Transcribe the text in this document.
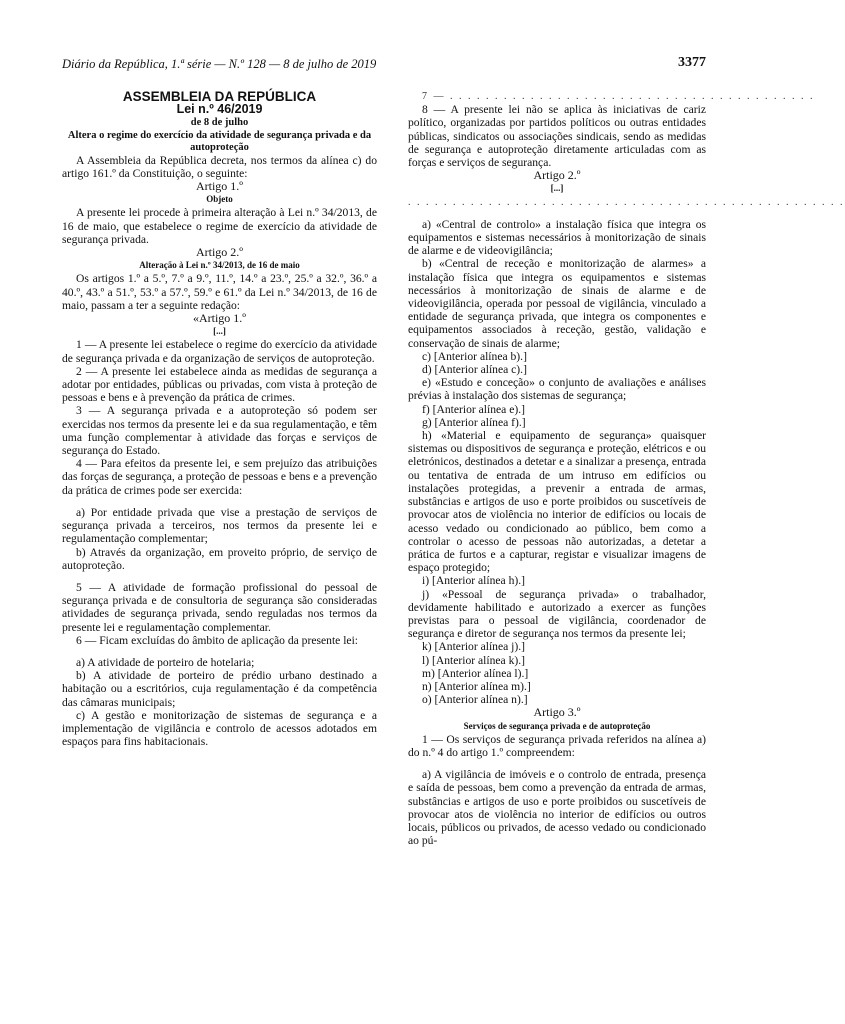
Diário da República, 1.ª série — N.º 128 — 8 de julho de 2019	3377

ASSEMBLEIA DA REPÚBLICA

Lei n.º 46/2019

de 8 de julho

Altera o regime do exercício da atividade de segurança privada e da autoproteção

A Assembleia da República decreta, nos termos da alínea c) do artigo 161.º da Constituição, o seguinte:

Artigo 1.º

Objeto

A presente lei procede à primeira alteração à Lei n.º 34/2013, de 16 de maio, que estabelece o regime de exercício da atividade de segurança privada.

Artigo 2.º

Alteração à Lei n.º 34/2013, de 16 de maio

Os artigos 1.º a 5.º, 7.º a 9.º, 11.º, 14.º a 23.º, 25.º a 32.º, 36.º a 40.º, 43.º a 51.º, 53.º a 57.º, 59.º e 61.º da Lei n.º 34/2013, de 16 de maio, passam a ter a seguinte redação:

«Artigo 1.º

[...]

1 — A presente lei estabelece o regime do exercício da atividade de segurança privada e da organização de serviços de autoproteção.

2 — A presente lei estabelece ainda as medidas de segurança a adotar por entidades, públicas ou privadas, com vista à proteção de pessoas e bens e à prevenção da prática de crimes.

3 — A segurança privada e a autoproteção só podem ser exercidas nos termos da presente lei e da sua regulamentação, e têm uma função complementar à atividade das forças e serviços de segurança do Estado.

4 — Para efeitos da presente lei, e sem prejuízo das atribuições das forças de segurança, a proteção de pessoas e bens e a prevenção da prática de crimes pode ser exercida:

a) Por entidade privada que vise a prestação de serviços de segurança privada a terceiros, nos termos da presente lei e regulamentação complementar;

b) Através da organização, em proveito próprio, de serviço de autoproteção.

5 — A atividade de formação profissional do pessoal de segurança privada e de consultoria de segurança são consideradas atividades de segurança privada, sendo reguladas nos termos da presente lei e regulamentação complementar.

6 — Ficam excluídas do âmbito de aplicação da presente lei:

a) A atividade de porteiro de hotelaria;

b) A atividade de porteiro de prédio urbano destinado a habitação ou a escritórios, cuja regulamentação é da competência das câmaras municipais;

c) A gestão e monitorização de sistemas de segurança e a implementação de vigilância e controlo de acessos adotados em espaços para fins habitacionais.

7 — . . . . . . . . . . . . . . . . . . . . . . . . . . . . . . . . . . . . . . . . .

8 — A presente lei não se aplica às iniciativas de cariz político, organizadas por partidos políticos ou outras entidades públicas, sindicatos ou associações sindicais, sendo as medidas de segurança e autoproteção diretamente articuladas com as forças e serviços de segurança.

Artigo 2.º

[...]

. . . . . . . . . . . . . . . . . . . . . . . . . . . . . . . . . . . . . . . . . . . . . . . . .

a) «Central de controlo» a instalação física que integra os equipamentos e sistemas necessários à monitorização de sinais de alarme e de videovigilância;

b) «Central de receção e monitorização de alarmes» a instalação física que integra os equipamentos e sistemas necessários à monitorização de sinais de alarme e de videovigilância, operada por pessoal de vigilância, vinculado a entidade de segurança privada, que integra os componentes e equipamentos associados à receção, gestão, validação e conservação de sinais de alarme;

c) [Anterior alínea b).]

d) [Anterior alínea c).]

e) «Estudo e conceção» o conjunto de avaliações e análises prévias à instalação dos sistemas de segurança;

f) [Anterior alínea e).]

g) [Anterior alínea f).]

h) «Material e equipamento de segurança» quaisquer sistemas ou dispositivos de segurança e proteção, elétricos e ou eletrónicos, destinados a detetar e a sinalizar a presença, entrada ou tentativa de entrada de um intruso em edifícios ou instalações protegidas, a prevenir a entrada de armas, substâncias e artigos de uso e porte proibidos ou suscetíveis de provocar atos de violência no interior de edifícios ou locais de acesso vedado ou condicionado ao público, bem como a controlar o acesso de pessoas não autorizadas, a detetar a prática de furtos e a capturar, registar e visualizar imagens de espaço protegido;

i) [Anterior alínea h).]

j) «Pessoal de segurança privada» o trabalhador, devidamente habilitado e autorizado a exercer as funções previstas para o pessoal de vigilância, coordenador de segurança e diretor de segurança nos termos da presente lei;

k) [Anterior alínea j).]

l) [Anterior alínea k).]

m) [Anterior alínea l).]

n) [Anterior alínea m).]

o) [Anterior alínea n).]

Artigo 3.º

Serviços de segurança privada e de autoproteção

1 — Os serviços de segurança privada referidos na alínea a) do n.º 4 do artigo 1.º compreendem:

a) A vigilância de imóveis e o controlo de entrada, presença e saída de pessoas, bem como a prevenção da entrada de armas, substâncias e artigos de uso e porte proibidos ou suscetíveis de provocar atos de violência no interior de edifícios ou outros locais, públicos ou privados, de acesso vedado ou condicionado ao pú-
